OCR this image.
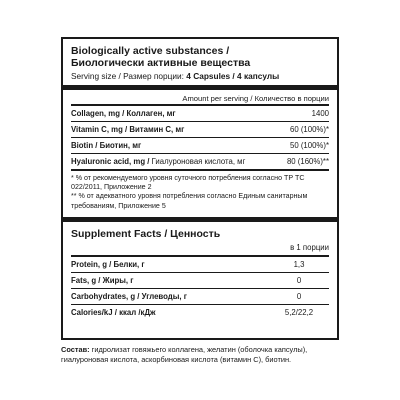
Biologically active substances /
Биологически активные вещества
Serving size / Размер порции: 4 Capsules / 4 капсулы
Amount per serving / Количество в порции
Collagen, mg / Коллаген, мг	1400
Vitamin C, mg / Витамин C, мг	60 (100%)*
Biotin / Биотин, мг	50 (100%)*
Hyaluronic acid, mg / Гиалуроновая кислота, мг	80 (160%)**
* % от рекомендуемого уровня суточного потребления согласно ТР ТС 022/2011, Приложение 2
** % от адекватного уровня потребления согласно Единым санитарным требованиям, Приложение 5
Supplement Facts / Ценность
в 1 порции
Protein, g / Белки, г	1,3
Fats, g / Жиры, г	0
Carbohydrates, g / Углеводы, г	0
Calories/kJ / ккал /кДж	5,2/22,2
Состав: гидролизат говяжьего коллагена, желатин (оболочка капсулы), гиалуроновая кислота, аскорбиновая кислота (витамин C), биотин.
